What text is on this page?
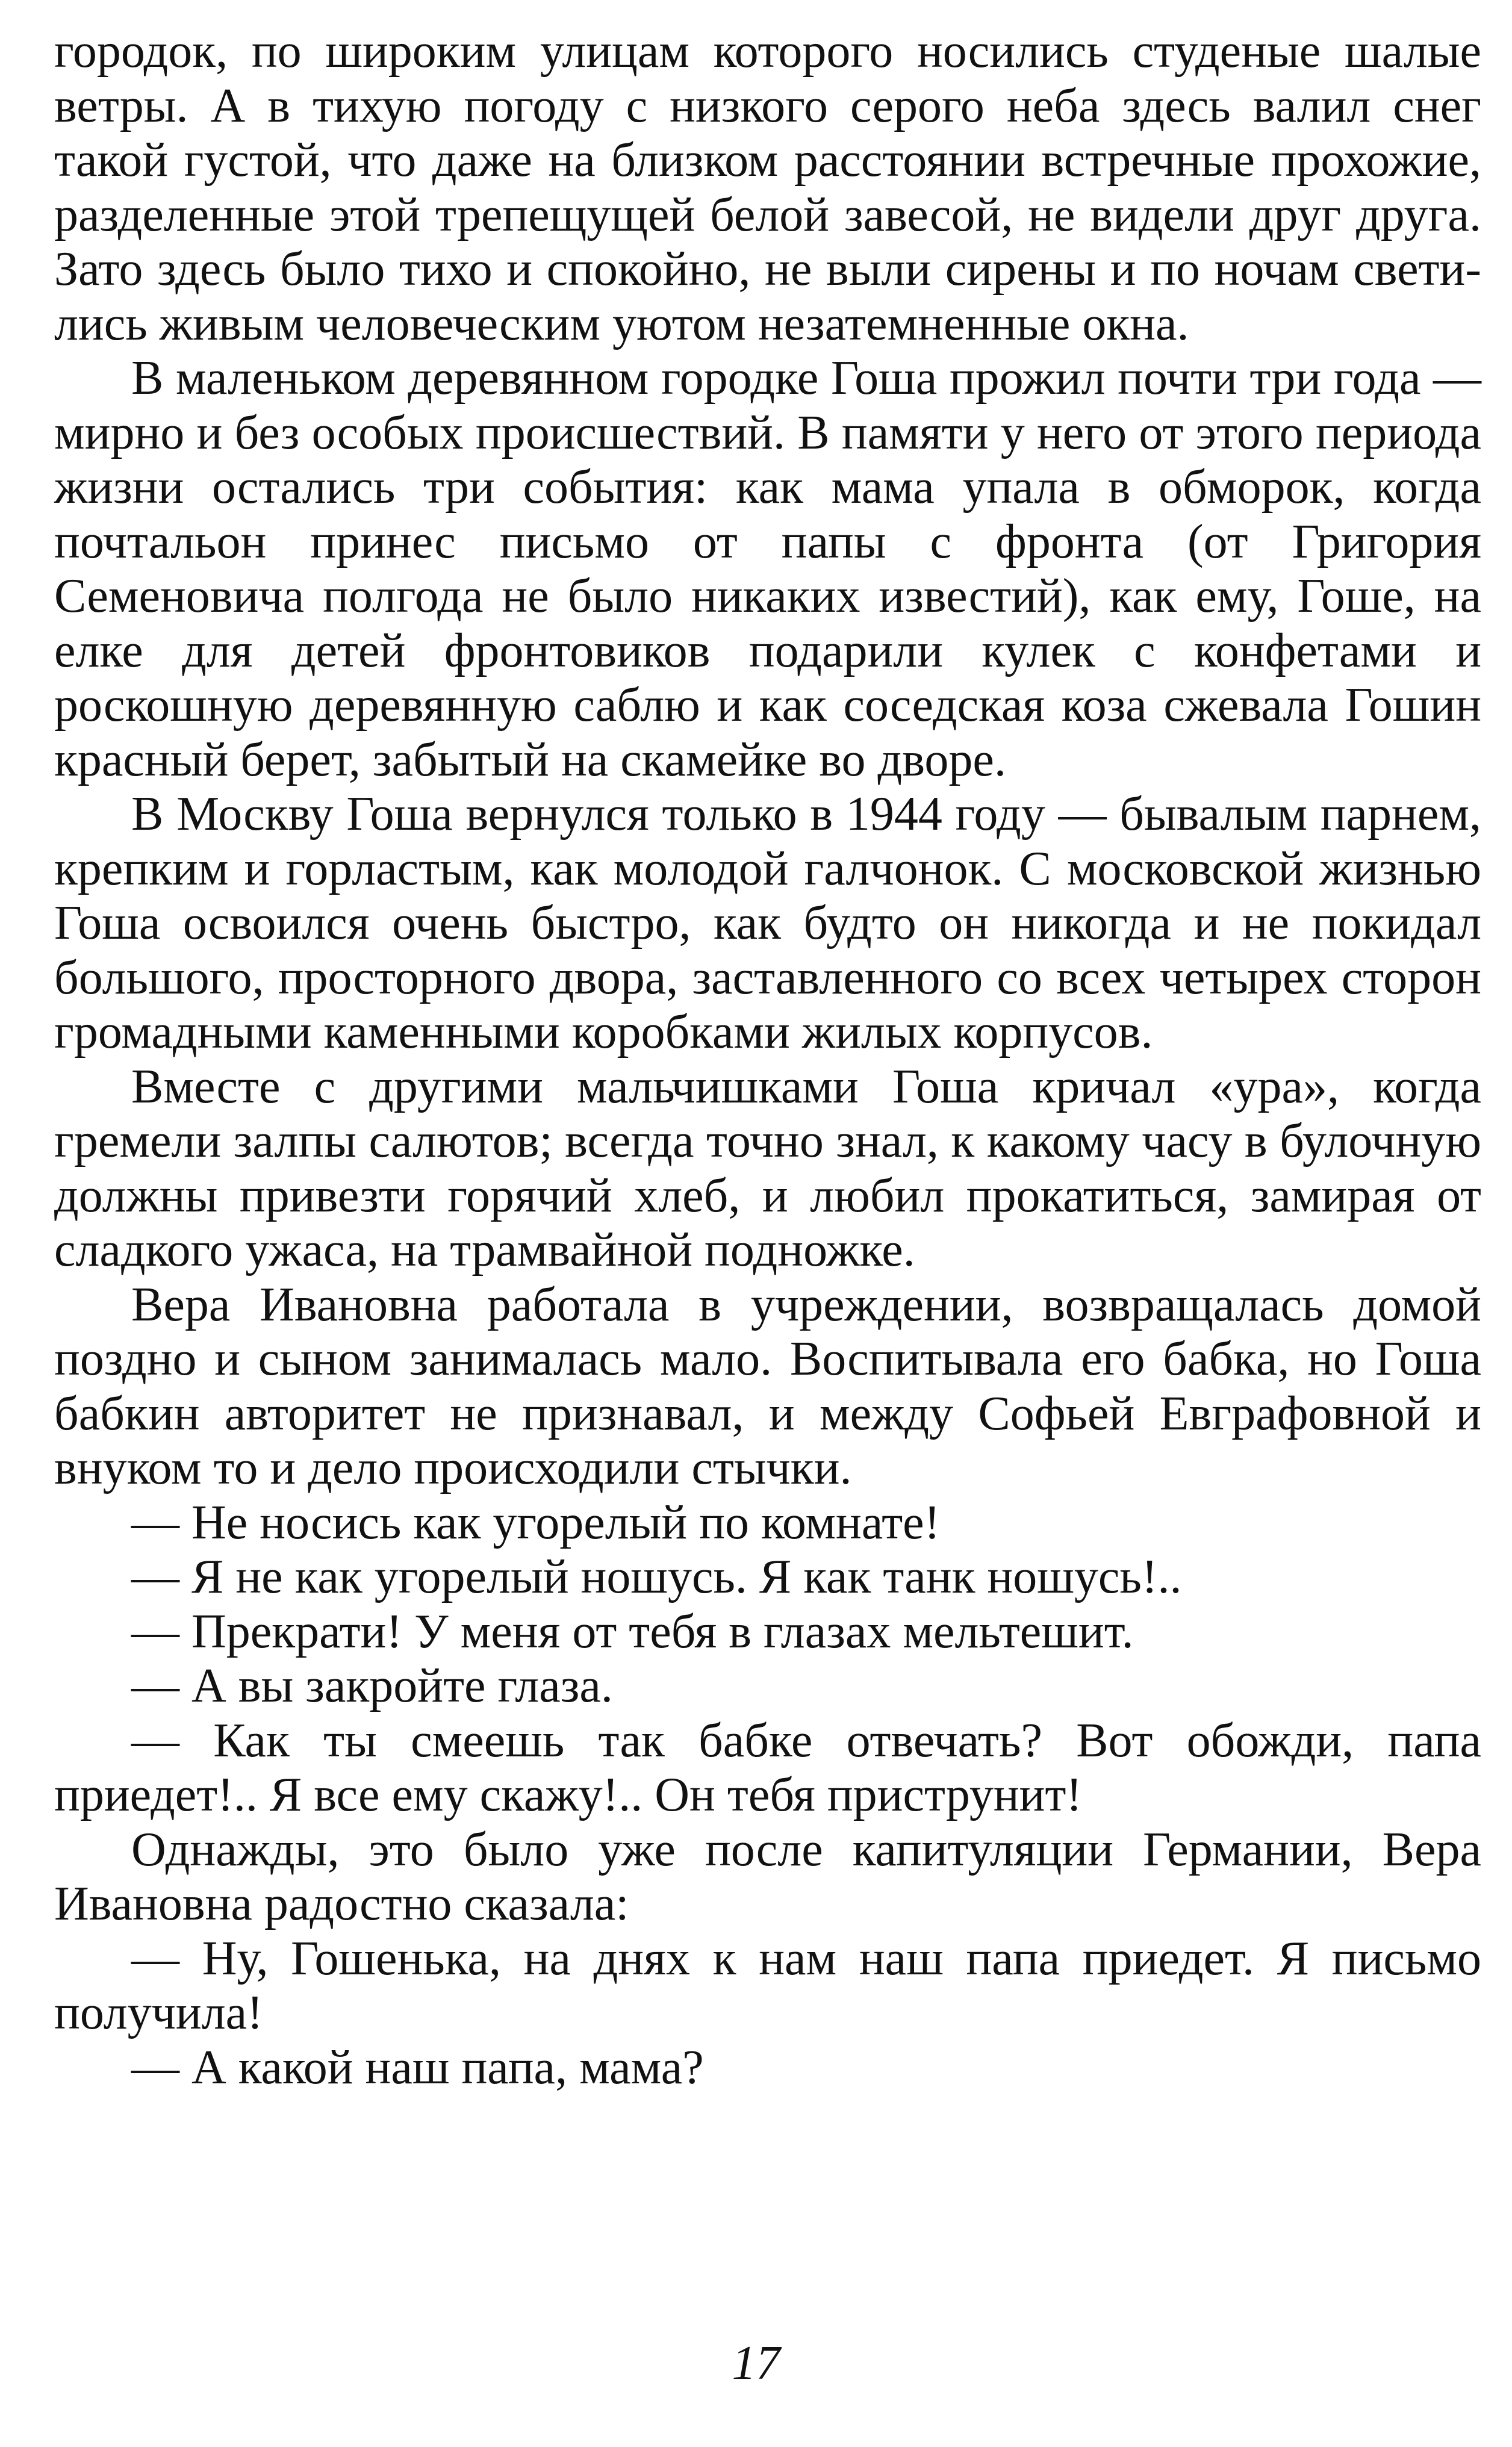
городок, по широким улицам которого носились студеные шалые ветры. А в тихую погоду с низкого серого неба здесь валил снег такой густой, что даже на близком расстоянии встречные прохожие, разделенные этой трепещущей белой завесой, не видели друг друга. Зато здесь было тихо и спокойно, не выли сирены и по ночам светились живым человеческим уютом незатемненные окна.

В маленьком деревянном городке Гоша прожил почти три года — мирно и без особых происшествий. В памяти у него от этого периода жизни остались три события: как мама упала в обморок, когда почтальон принес письмо от папы с фронта (от Григория Семеновича полгода не было никаких известий), как ему, Гоше, на елке для детей фронтовиков подарили кулек с конфетами и роскошную деревянную саблю и как соседская коза сжевала Гошин красный берет, забытый на скамейке во дворе.

В Москву Гоша вернулся только в 1944 году — бывалым парнем, крепким и горластым, как молодой галчонок. С московской жизнью Гоша освоился очень быстро, как будто он никогда и не покидал большого, просторного двора, заставленного со всех четырех сторон громадными каменными коробками жилых корпусов.

Вместе с другими мальчишками Гоша кричал «ура», когда гремели залпы салютов; всегда точно знал, к какому часу в булочную должны привезти горячий хлеб, и любил прокатиться, замирая от сладкого ужаса, на трамвайной подножке.

Вера Ивановна работала в учреждении, возвращалась домой поздно и сыном занималась мало. Воспитывала его бабка, но Гоша бабкин авторитет не признавал, и между Софьей Евграфовной и внуком то и дело происходили стычки.

— Не носись как угорелый по комнате!

— Я не как угорелый ношусь. Я как танк ношусь!..

— Прекрати! У меня от тебя в глазах мельтешит.

— А вы закройте глаза.

— Как ты смеешь так бабке отвечать? Вот обожди, папа приедет!.. Я все ему скажу!.. Он тебя приструнит!

Однажды, это было уже после капитуляции Германии, Вера Ивановна радостно сказала:

— Ну, Гошенька, на днях к нам наш папа приедет. Я письмо получила!

— А какой наш папа, мама?

17
